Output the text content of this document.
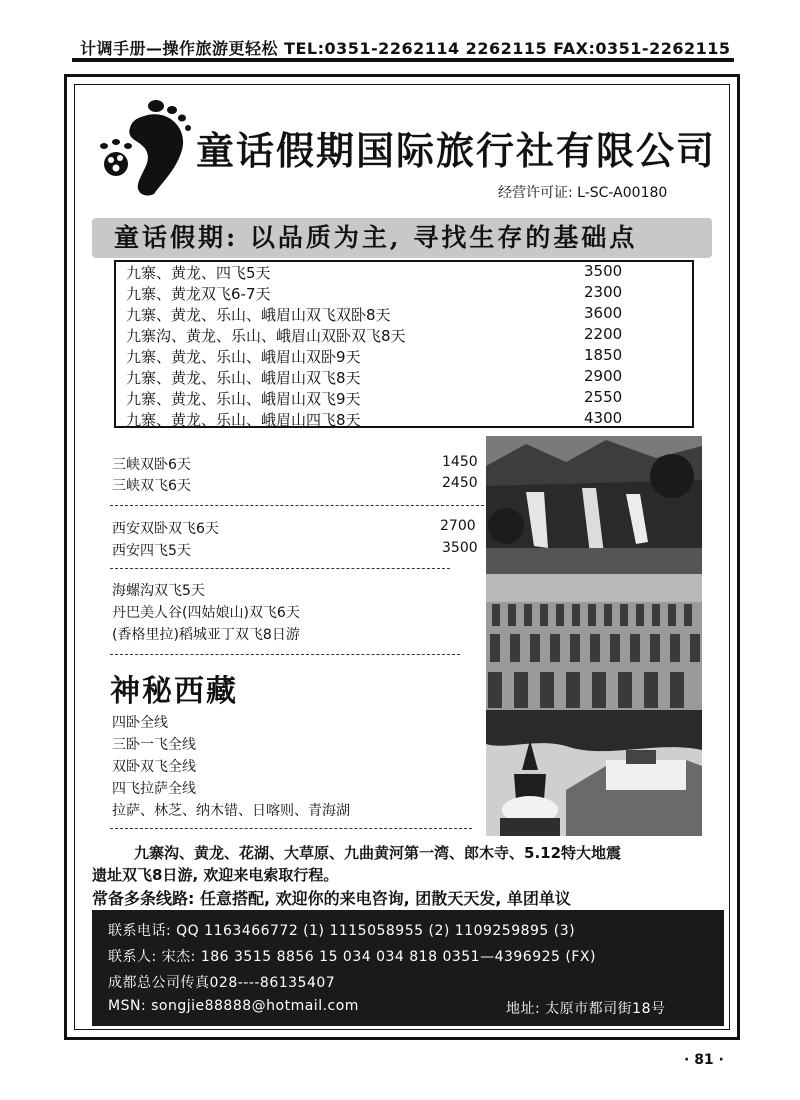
计调手册—操作旅游更轻松 TEL:0351-2262114 2262115 FAX:0351-2262115
童话假期国际旅行社有限公司
经营许可证: L-SC-A00180
童话假期: 以品质为主, 寻找生存的基础点
九寨、黄龙、四飞5天	3500
九寨、黄龙双飞6-7天	2300
九寨、黄龙、乐山、峨眉山双飞双卧8天	3600
九寨沟、黄龙、乐山、峨眉山双卧双飞8天	2200
九寨、黄龙、乐山、峨眉山双卧9天	1850
九寨、黄龙、乐山、峨眉山双飞8天	2900
九寨、黄龙、乐山、峨眉山双飞9天	2550
九寨、黄龙、乐山、峨眉山四飞8天	4300
三峡双卧6天	1450
三峡双飞6天	2450
西安双卧双飞6天	2700
西安四飞5天	3500
海螺沟双飞5天
丹巴美人谷(四姑娘山)双飞6天
(香格里拉)稻城亚丁双飞8日游
神秘西藏
四卧全线
三卧一飞全线
双卧双飞全线
四飞拉萨全线
拉萨、林芝、纳木错、日喀则、青海湖
九寨沟、黄龙、花湖、大草原、九曲黄河第一湾、郎木寺、5.12特大地震
遗址双飞8日游, 欢迎来电索取行程。
常备多条线路: 任意搭配, 欢迎你的来电咨询, 团散天天发, 单团单议
联系电话: QQ 1163466772 (1) 1115058955 (2) 1109259895 (3)
联系人: 宋杰: 186 3515 8856 15 034 034 818 0351—4396925 (FX)
成都总公司传真028----86135407
MSN: songjie88888@hotmail.com	地址: 太原市都司街18号
· 81 ·
